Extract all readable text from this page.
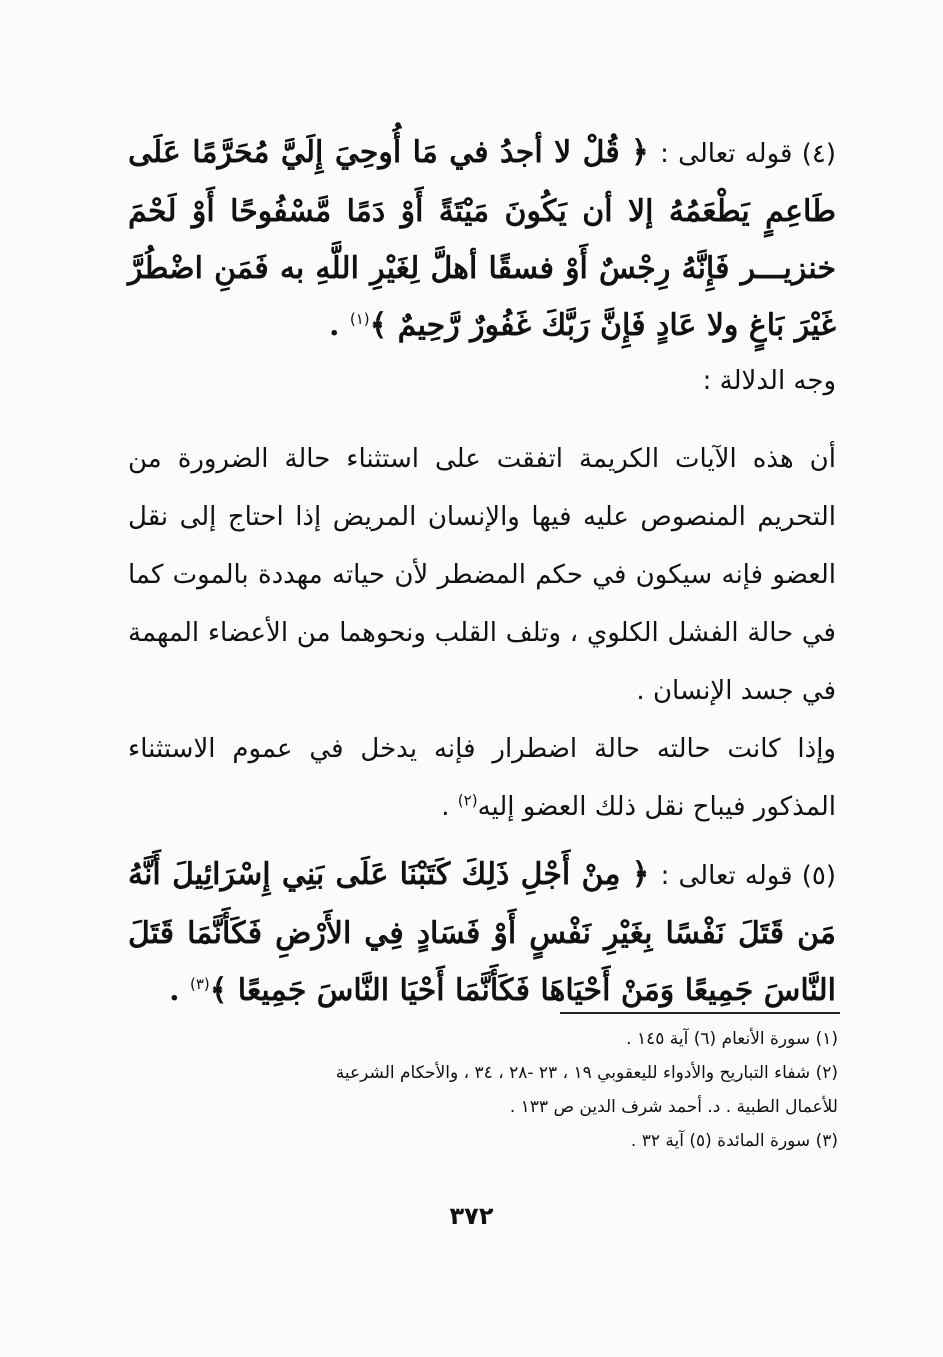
(٤) قوله تعالى : ﴿ قُلْ لا أجدُ في مَا أُوحِيَ إِلَيَّ مُحَرَّمًا عَلَى طَاعِمٍ يَطْعَمُهُ إلا أن يَكُونَ مَيْتَةً أَوْ دَمًا مَّسْفُوحًا أَوْ لَحْمَ خنزيـــر فَإِنَّهُ رِجْسٌ أَوْ فسقًا أهلَّ لِغَيْرِ اللَّهِ به فَمَنِ اضْطُرَّ غَيْرَ بَاغٍ ولا عَادٍ فَإِنَّ رَبَّكَ غَفُورٌ رَّحِيمٌ ﴾$^{(١)}$ .

وجه الدلالة :

أن هذه الآيات الكريمة اتفقت على استثناء حالة الضرورة من التحريم المنصوص عليه فيها والإنسان المريض إذا احتاج إلى نقل العضو فإنه سيكون في حكم المضطر لأن حياته مهددة بالموت كما في حالة الفشل الكلوي ، وتلف القلب ونحوهما من الأعضاء المهمة في جسد الإنسان .

وإذا كانت حالته حالة اضطرار فإنه يدخل في عموم الاستثناء المذكور فيباح نقل ذلك العضو إليه$^{(٢)}$ .

(٥) قوله تعالى : ﴿ مِنْ أَجْلِ ذَلِكَ كَتَبْنَا عَلَى بَنِي إِسْرَائِيلَ أَنَّهُ مَن قَتَلَ نَفْسًا بِغَيْرِ نَفْسٍ أَوْ فَسَادٍ فِي الأَرْضِ فَكَأَنَّمَا قَتَلَ النَّاسَ جَمِيعًا وَمَنْ أَحْيَاهَا فَكَأَنَّمَا أَحْيَا النَّاسَ جَمِيعًا ﴾$^{(٣)}$ .

(١) سورة الأنعام (٦) آية ١٤٥ .

(٢) شفاء التباريح والأدواء لليعقوبي ١٩ ، ٢٣ -٢٨ ، ٣٤ ، والأحكام الشرعية

للأعمال الطبية . د. أحمد شرف الدين ص ١٣٣ .

(٣) سورة المائدة (٥) آية ٣٢ .

٣٧٢
